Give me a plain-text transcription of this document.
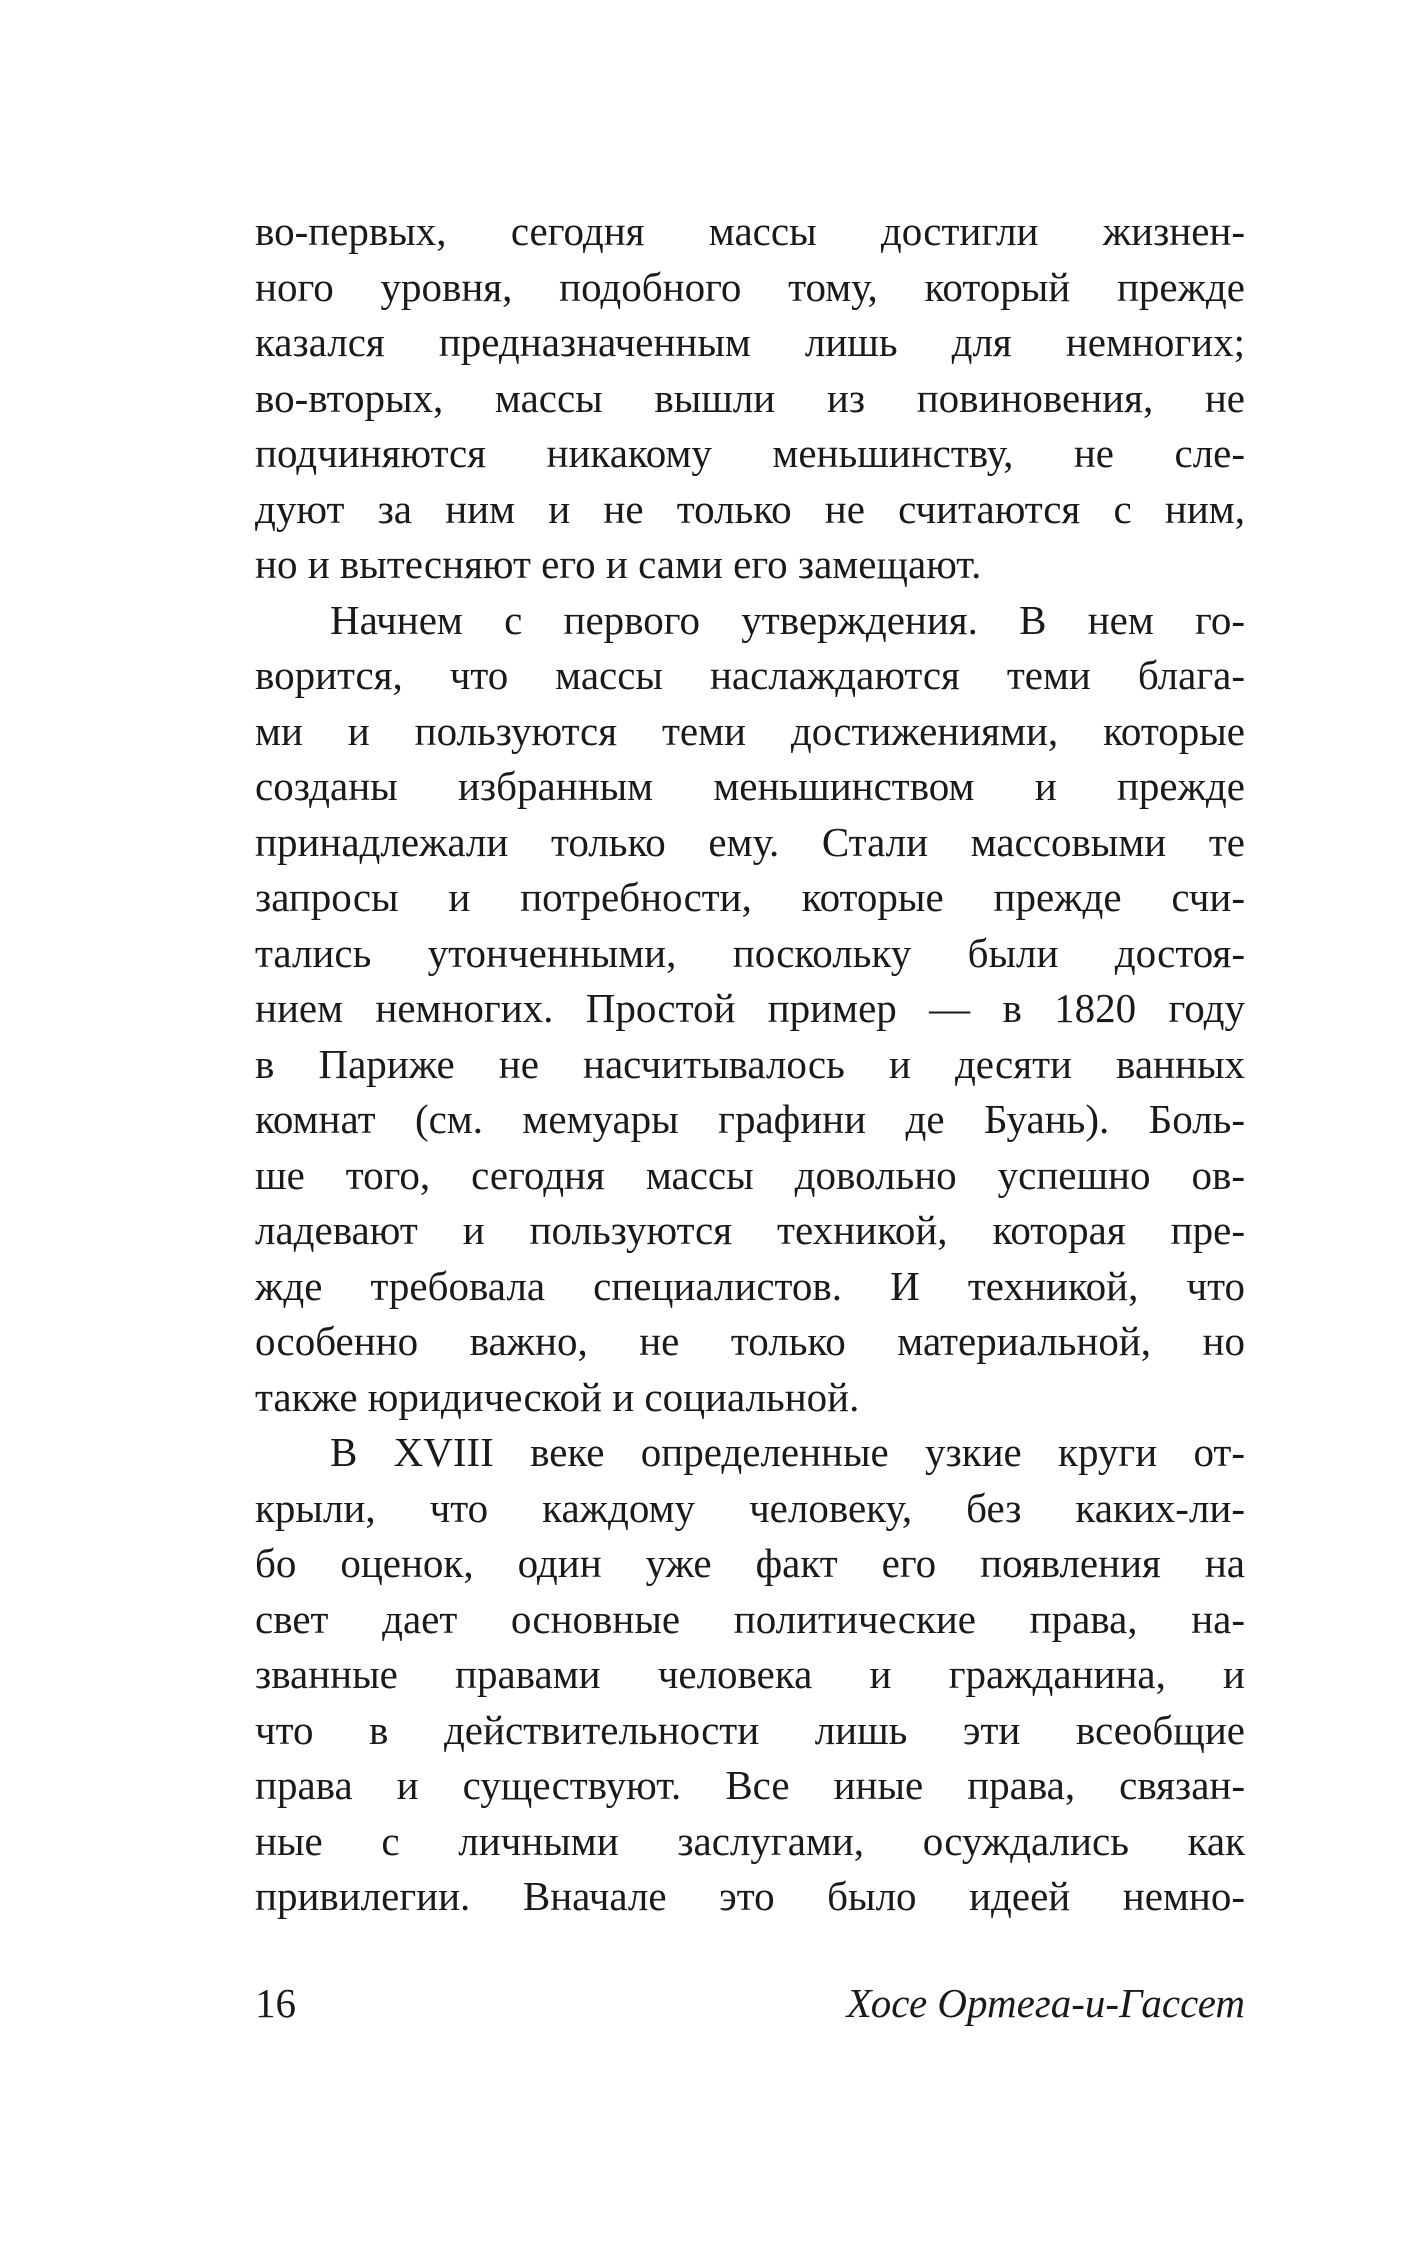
во-первых, сегодня массы достигли жизнен-
ного уровня, подобного тому, который прежде
казался предназначенным лишь для немногих;
во-вторых, массы вышли из повиновения, не
подчиняются никакому меньшинству, не сле-
дуют за ним и не только не считаются с ним,
но и вытесняют его и сами его замещают.
Начнем с первого утверждения. В нем го-
ворится, что массы наслаждаются теми блага-
ми и пользуются теми достижениями, которые
созданы избранным меньшинством и прежде
принадлежали только ему. Стали массовыми те
запросы и потребности, которые прежде счи-
тались утонченными, поскольку были достоя-
нием немногих. Простой пример — в 1820 году
в Париже не насчитывалось и десяти ванных
комнат (см. мемуары графини де Буань). Боль-
ше того, сегодня массы довольно успешно ов-
ладевают и пользуются техникой, которая пре-
жде требовала специалистов. И техникой, что
особенно важно, не только материальной, но
также юридической и социальной.
В XVIII веке определенные узкие круги от-
крыли, что каждому человеку, без каких-ли-
бо оценок, один уже факт его появления на
свет дает основные политические права, на-
званные правами человека и гражданина, и
что в действительности лишь эти всеобщие
права и существуют. Все иные права, связан-
ные с личными заслугами, осуждались как
привилегии. Вначале это было идеей немно-
16	Хосе Ортега-и-Гассет
